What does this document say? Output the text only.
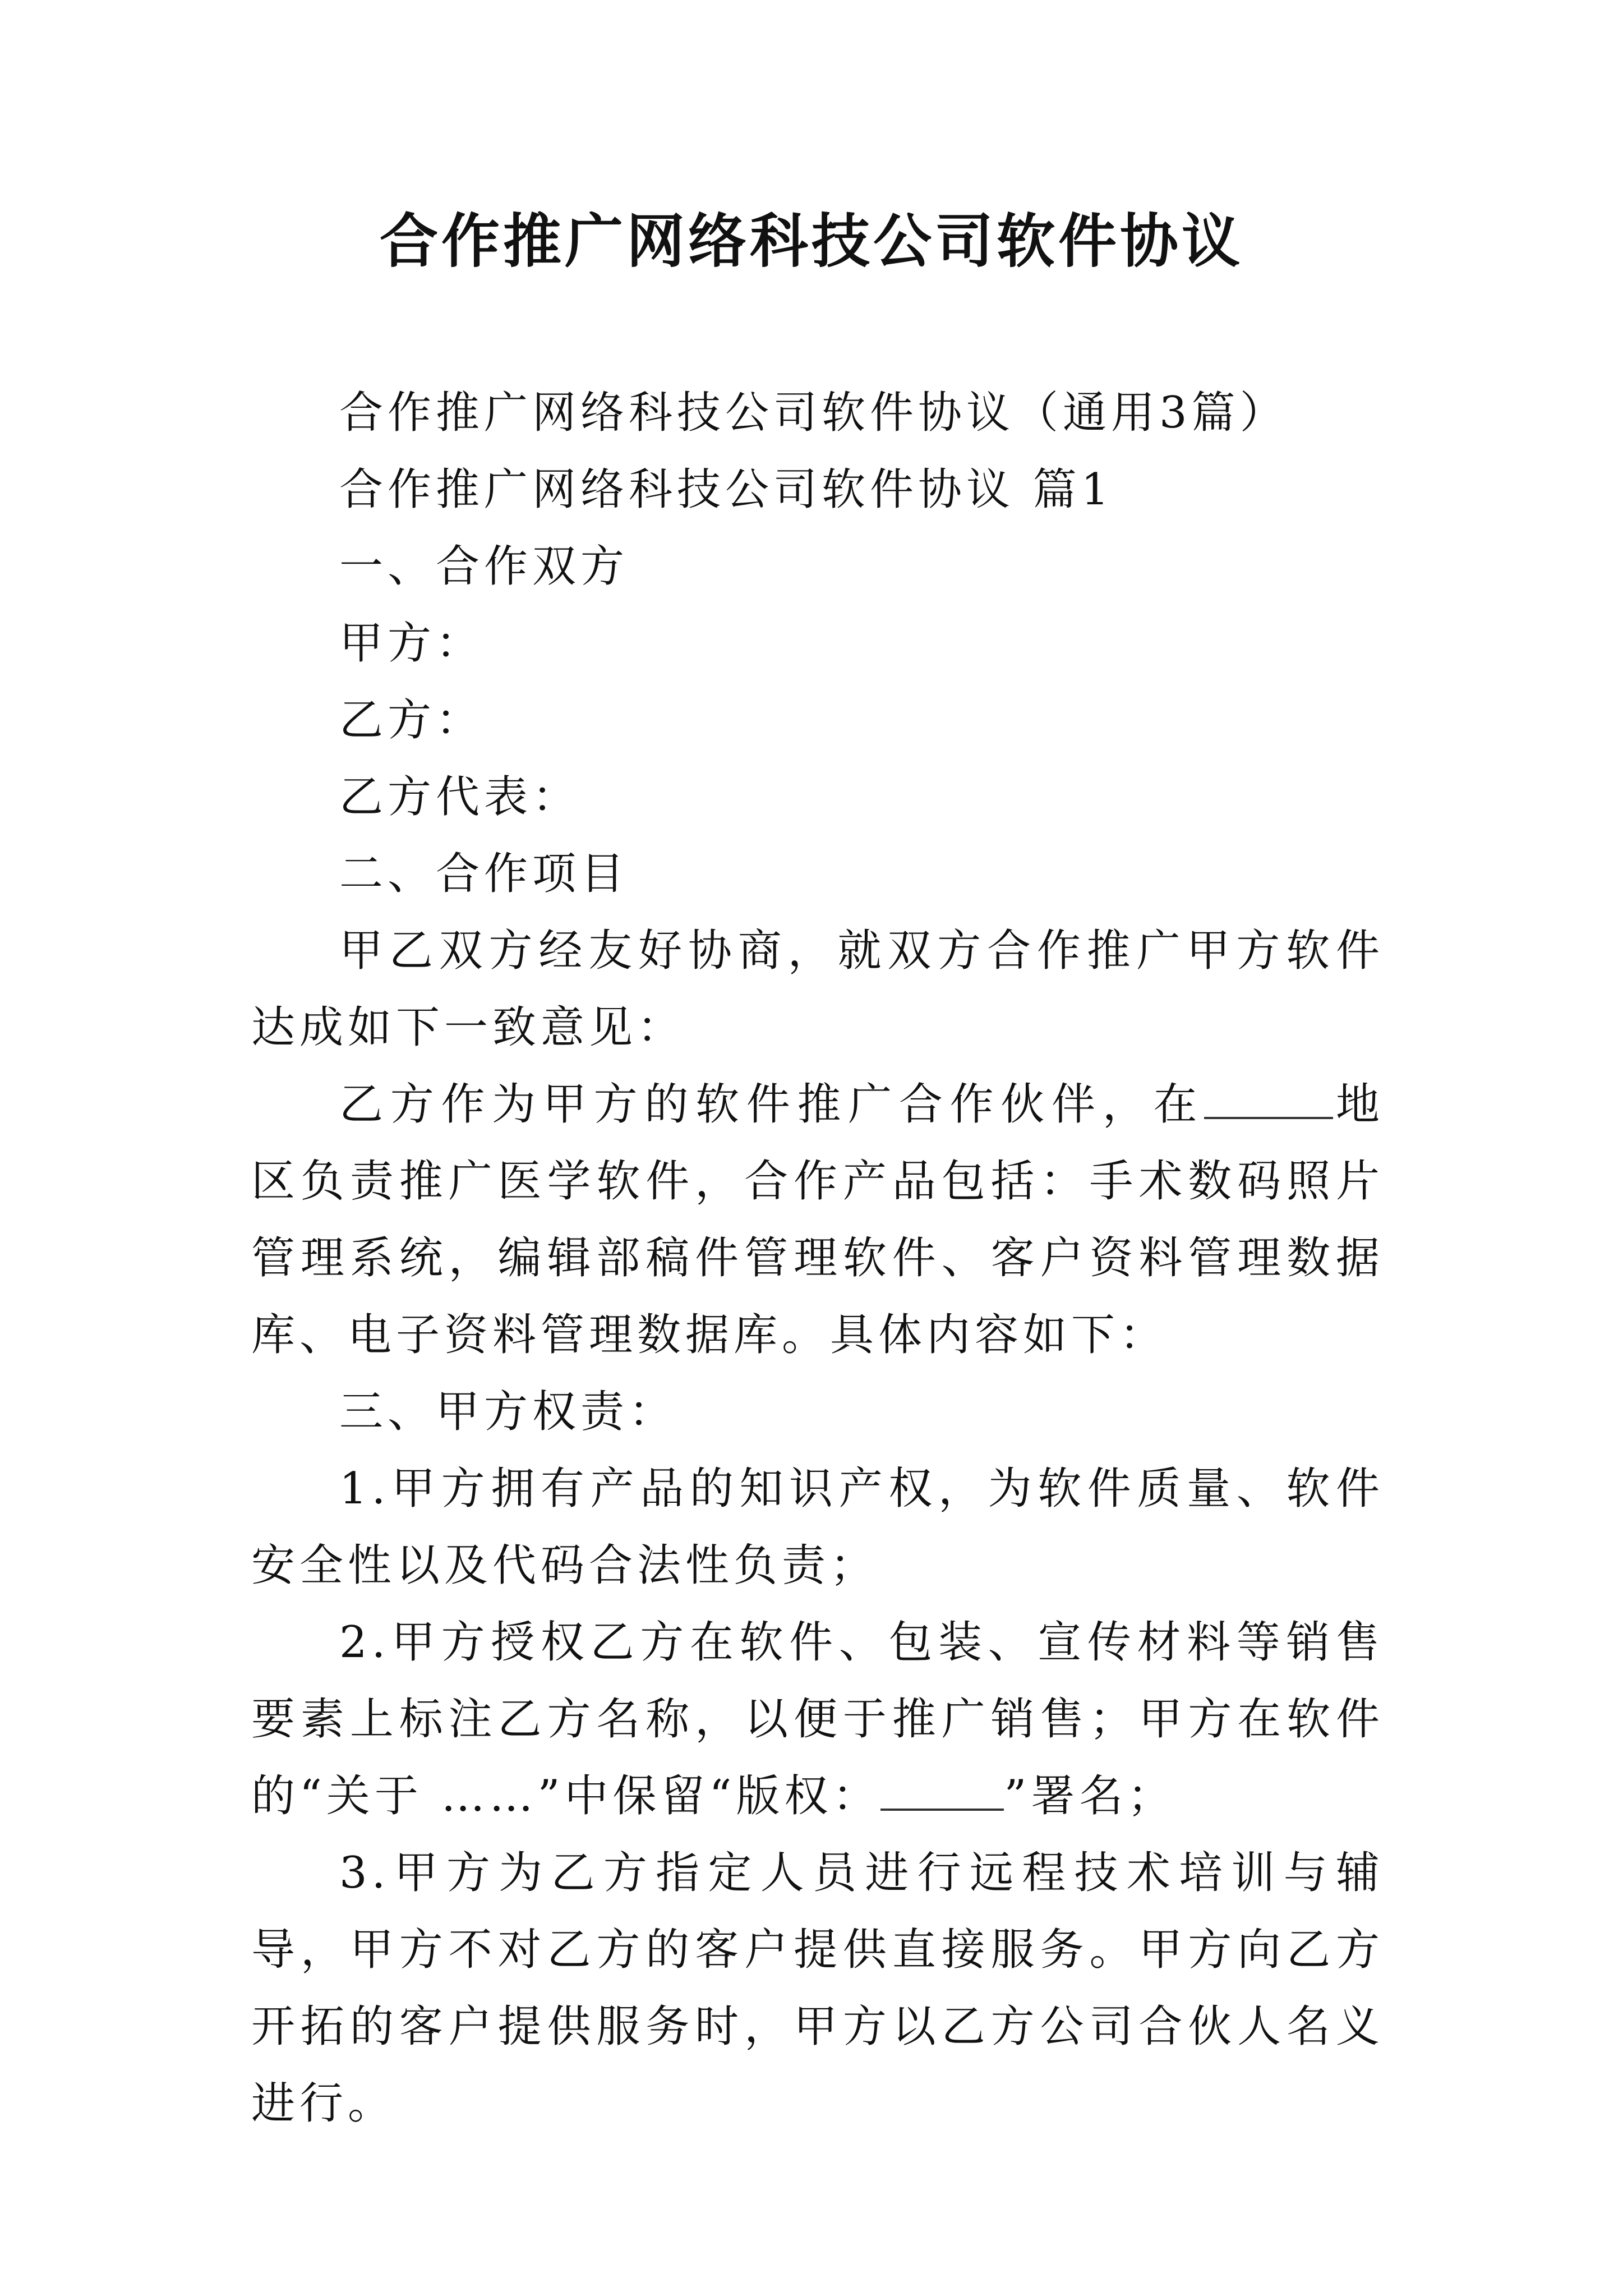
合作推广网络科技公司软件协议

合作推广网络科技公司软件协议（通用3篇）

合作推广网络科技公司软件协议 篇1

一、合作双方

甲方：

乙方：

乙方代表：

二、合作项目

甲乙双方经友好协商，就双方合作推广甲方软件达成如下一致意见：

乙方作为甲方的软件推广合作伙伴，在	地区负责推广医学软件，合作产品包括：手术数码照片管理系统，编辑部稿件管理软件、客户资料管理数据库、电子资料管理数据库。具体内容如下：

三、甲方权责：

1.甲方拥有产品的知识产权，为软件质量、软件安全性以及代码合法性负责；

2.甲方授权乙方在软件、包装、宣传材料等销售要素上标注乙方名称，以便于推广销售；甲方在软件的“关于 ……”中保留“版权：	”署名；

3.甲方为乙方指定人员进行远程技术培训与辅导，甲方不对乙方的客户提供直接服务。甲方向乙方开拓的客户提供服务时，甲方以乙方公司合伙人名义进行。
